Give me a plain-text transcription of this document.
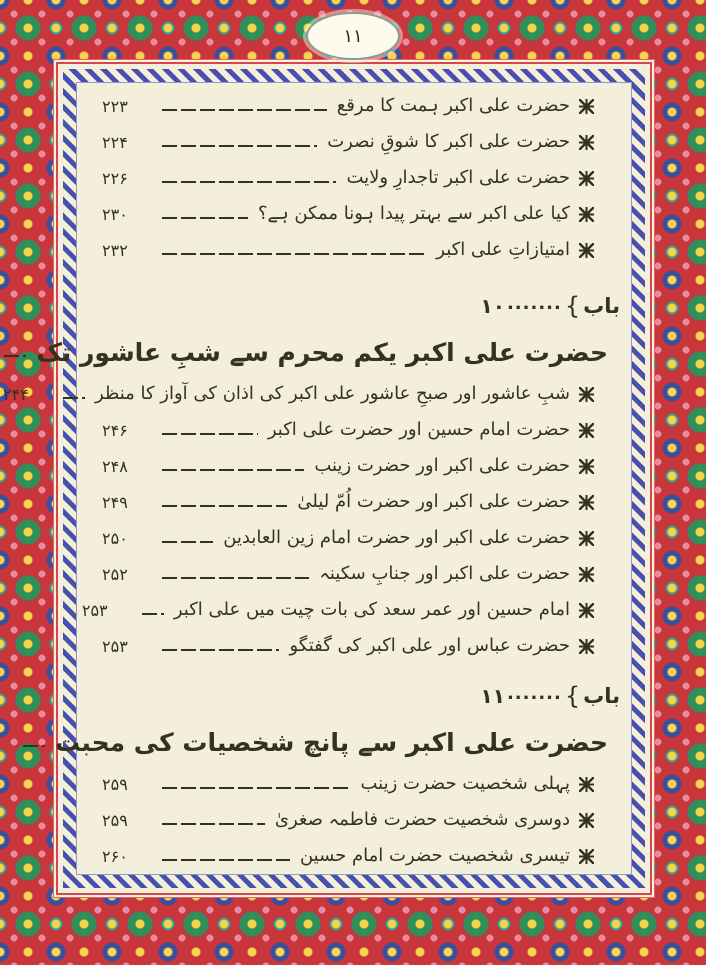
حضرت علی اکبر ہمت کا مرقع
۲۲۳
حضرت علی اکبر کا شوقِ نصرت
۲۲۴
حضرت علی اکبر تاجدارِ ولایت
۲۲۶
کیا علی اکبر سے بہتر پیدا ہونا ممکن ہے؟
۲۳۰
امتیازاتِ علی اکبر
۲۳۲
۱۰ ....... { باب
حضرت علی اکبر یکم محرم سے شبِ عاشور تک
شبِ عاشور اور صبحِ عاشور علی اکبر کی اذان کی آواز کا منظر
۲۴۴
حضرت امام حسین اور حضرت علی اکبر
۲۴۶
حضرت علی اکبر اور حضرت زینب
۲۴۸
حضرت علی اکبر اور حضرت اُمّ لیلیٰ
۲۴۹
حضرت علی اکبر اور حضرت امام زین العابدین
۲۵۰
حضرت علی اکبر اور جنابِ سکینہ
۲۵۲
امام حسین اور عمر سعد کی بات چیت میں علی اکبر
۲۵۳
حضرت عباس اور علی اکبر کی گفتگو
۲۵۳
۱۱ ....... { باب
حضرت علی اکبر سے پانچ شخصیات کی محبت
پہلی شخصیت حضرت زینب
۲۵۹
دوسری شخصیت حضرت فاطمہ صغریٰ
۲۵۹
تیسری شخصیت حضرت امام حسین
۲۶۰
۱۱
